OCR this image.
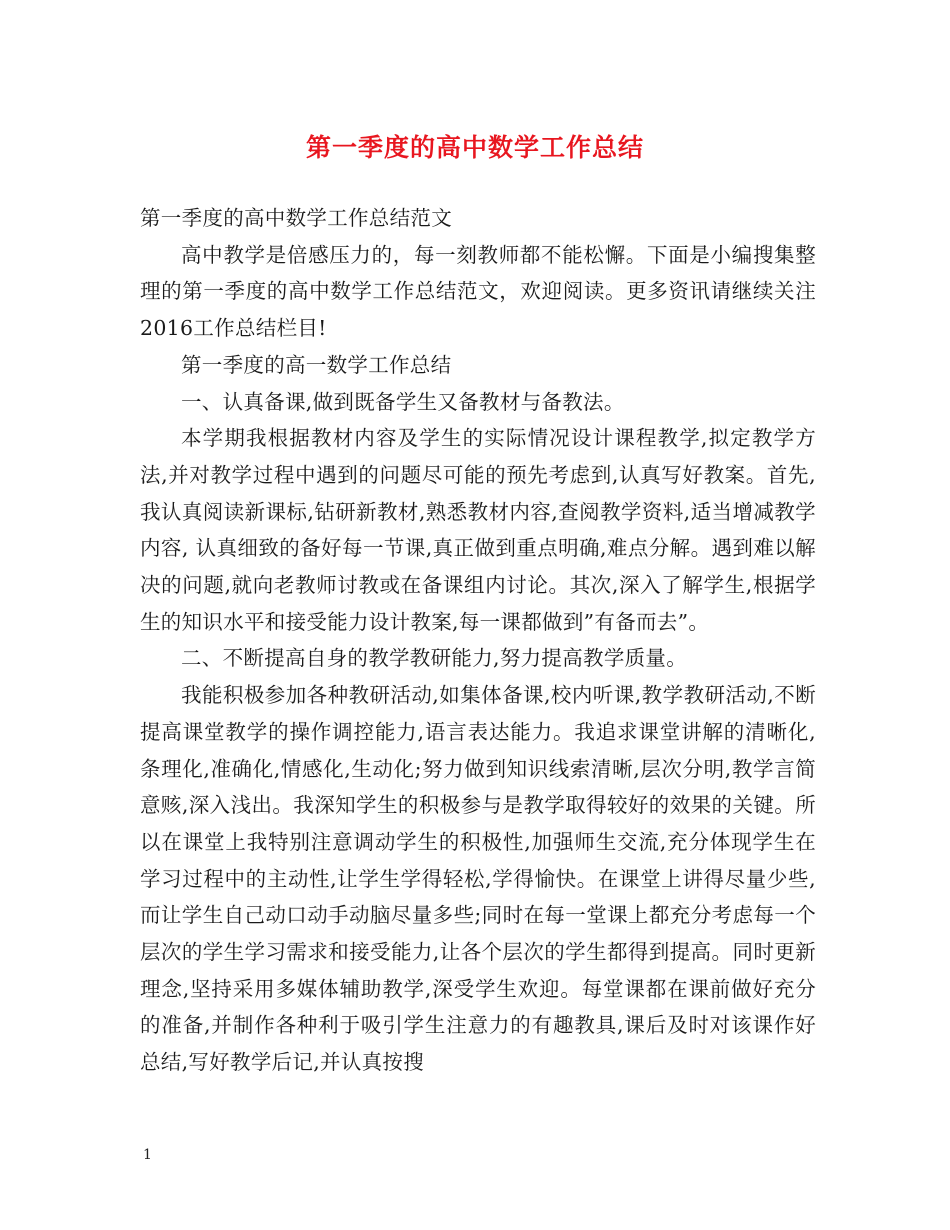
第一季度的高中数学工作总结

第一季度的高中数学工作总结范文

高中教学是倍感压力的，每一刻教师都不能松懈。下面是小编搜集整理的第一季度的高中数学工作总结范文，欢迎阅读。更多资讯请继续关注2016工作总结栏目!

第一季度的高一数学工作总结

一、认真备课,做到既备学生又备教材与备教法。

本学期我根据教材内容及学生的实际情况设计课程教学,拟定教学方法,并对教学过程中遇到的问题尽可能的预先考虑到,认真写好教案。首先,我认真阅读新课标,钻研新教材,熟悉教材内容,查阅教学资料,适当增减教学内容, 认真细致的备好每一节课,真正做到重点明确,难点分解。遇到难以解决的问题,就向老教师讨教或在备课组内讨论。其次,深入了解学生,根据学生的知识水平和接受能力设计教案,每一课都做到”有备而去”。

二、不断提高自身的教学教研能力,努力提高教学质量。

我能积极参加各种教研活动,如集体备课,校内听课,教学教研活动,不断提高课堂教学的操作调控能力,语言表达能力。我追求课堂讲解的清晰化,条理化,准确化,情感化,生动化;努力做到知识线索清晰,层次分明,教学言简意赅,深入浅出。我深知学生的积极参与是教学取得较好的效果的关键。所以在课堂上我特别注意调动学生的积极性,加强师生交流,充分体现学生在学习过程中的主动性,让学生学得轻松,学得愉快。在课堂上讲得尽量少些,而让学生自己动口动手动脑尽量多些;同时在每一堂课上都充分考虑每一个层次的学生学习需求和接受能力,让各个层次的学生都得到提高。同时更新理念,坚持采用多媒体辅助教学,深受学生欢迎。每堂课都在课前做好充分的准备,并制作各种利于吸引学生注意力的有趣教具,课后及时对该课作好总结,写好教学后记,并认真按搜

1
